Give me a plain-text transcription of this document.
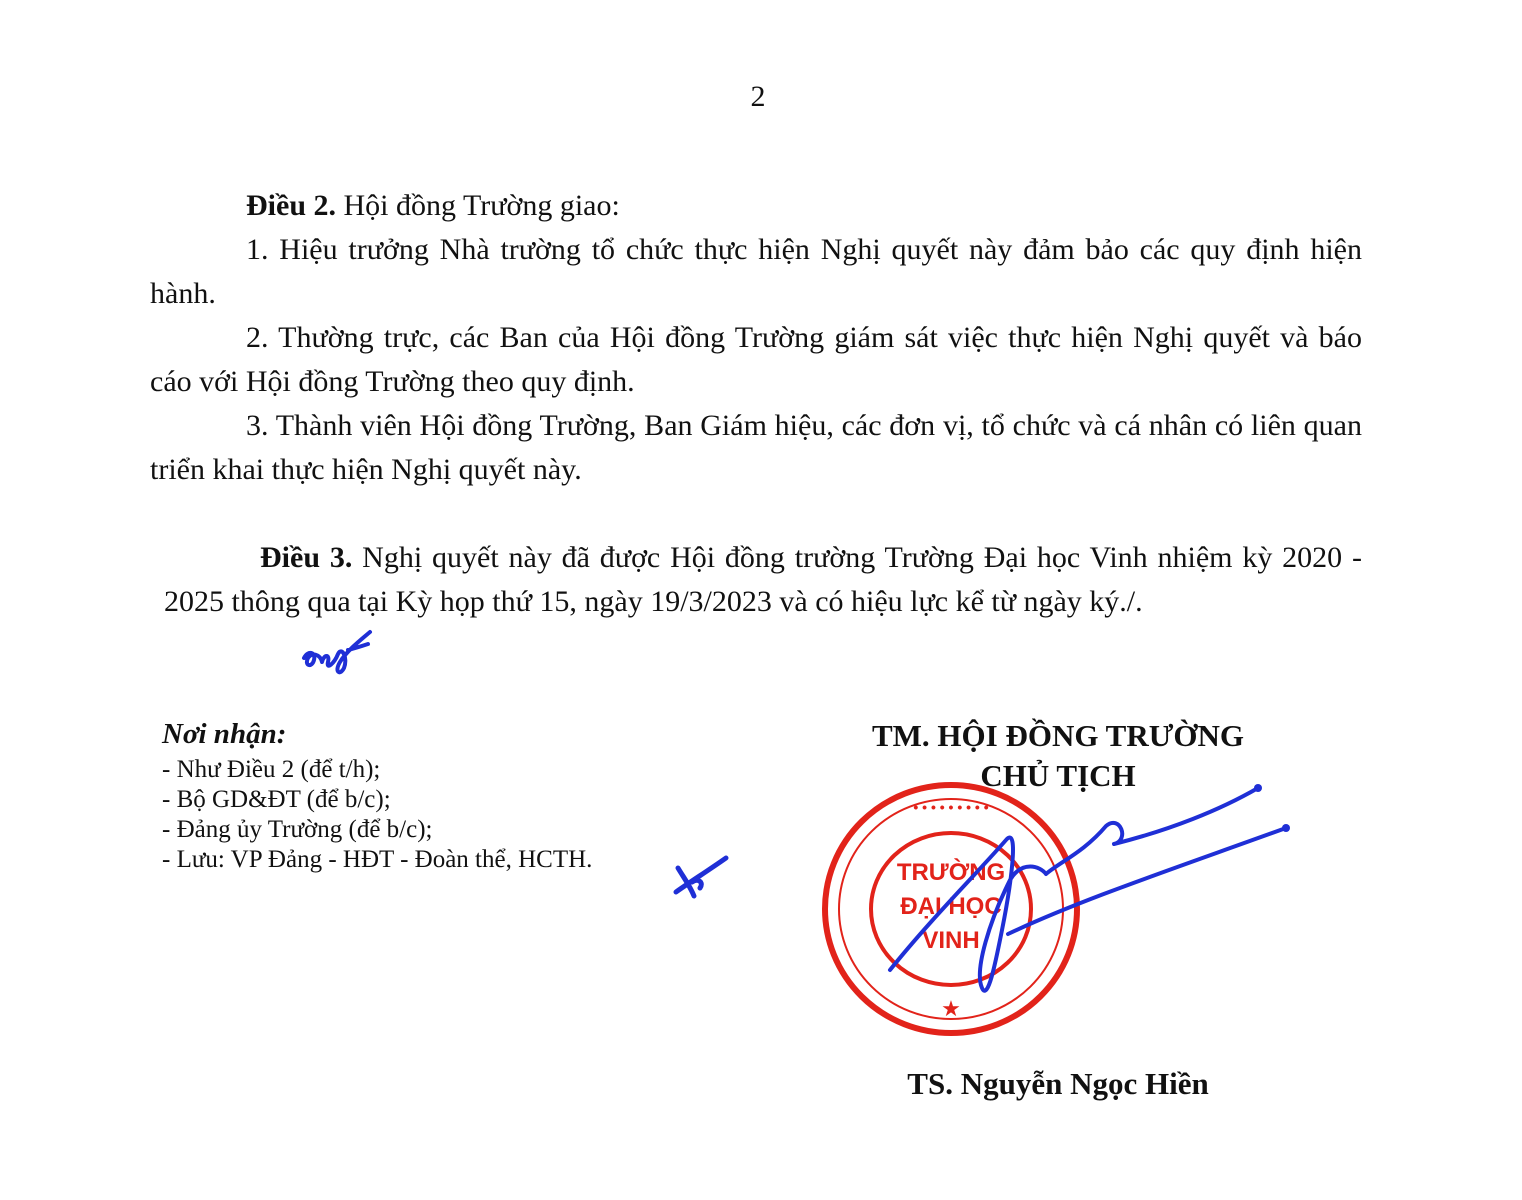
2

Điều 2. Hội đồng Trường giao:

1. Hiệu trưởng Nhà trường tổ chức thực hiện Nghị quyết này đảm bảo các quy định hiện hành.

2. Thường trực, các Ban của Hội đồng Trường giám sát việc thực hiện Nghị quyết và báo cáo với Hội đồng Trường theo quy định.

3. Thành viên Hội đồng Trường, Ban Giám hiệu, các đơn vị, tổ chức và cá nhân có liên quan triển khai thực hiện Nghị quyết này.

Điều 3. Nghị quyết này đã được Hội đồng trường Trường Đại học Vinh nhiệm kỳ 2020 - 2025 thông qua tại Kỳ họp thứ 15, ngày 19/3/2023 và có hiệu lực kể từ ngày ký./.

Nơi nhận:
- Như Điều 2 (để t/h);
- Bộ GD&ĐT (để b/c);
- Đảng ủy Trường (để b/c);
- Lưu: VP Đảng - HĐT - Đoàn thể, HCTH.
TM. HỘI ĐỒNG TRƯỜNG
CHỦ TỊCH
• • • • • • • • •
★
TRƯỜNG
ĐẠI HỌC
VINH
TS. Nguyễn Ngọc Hiền
